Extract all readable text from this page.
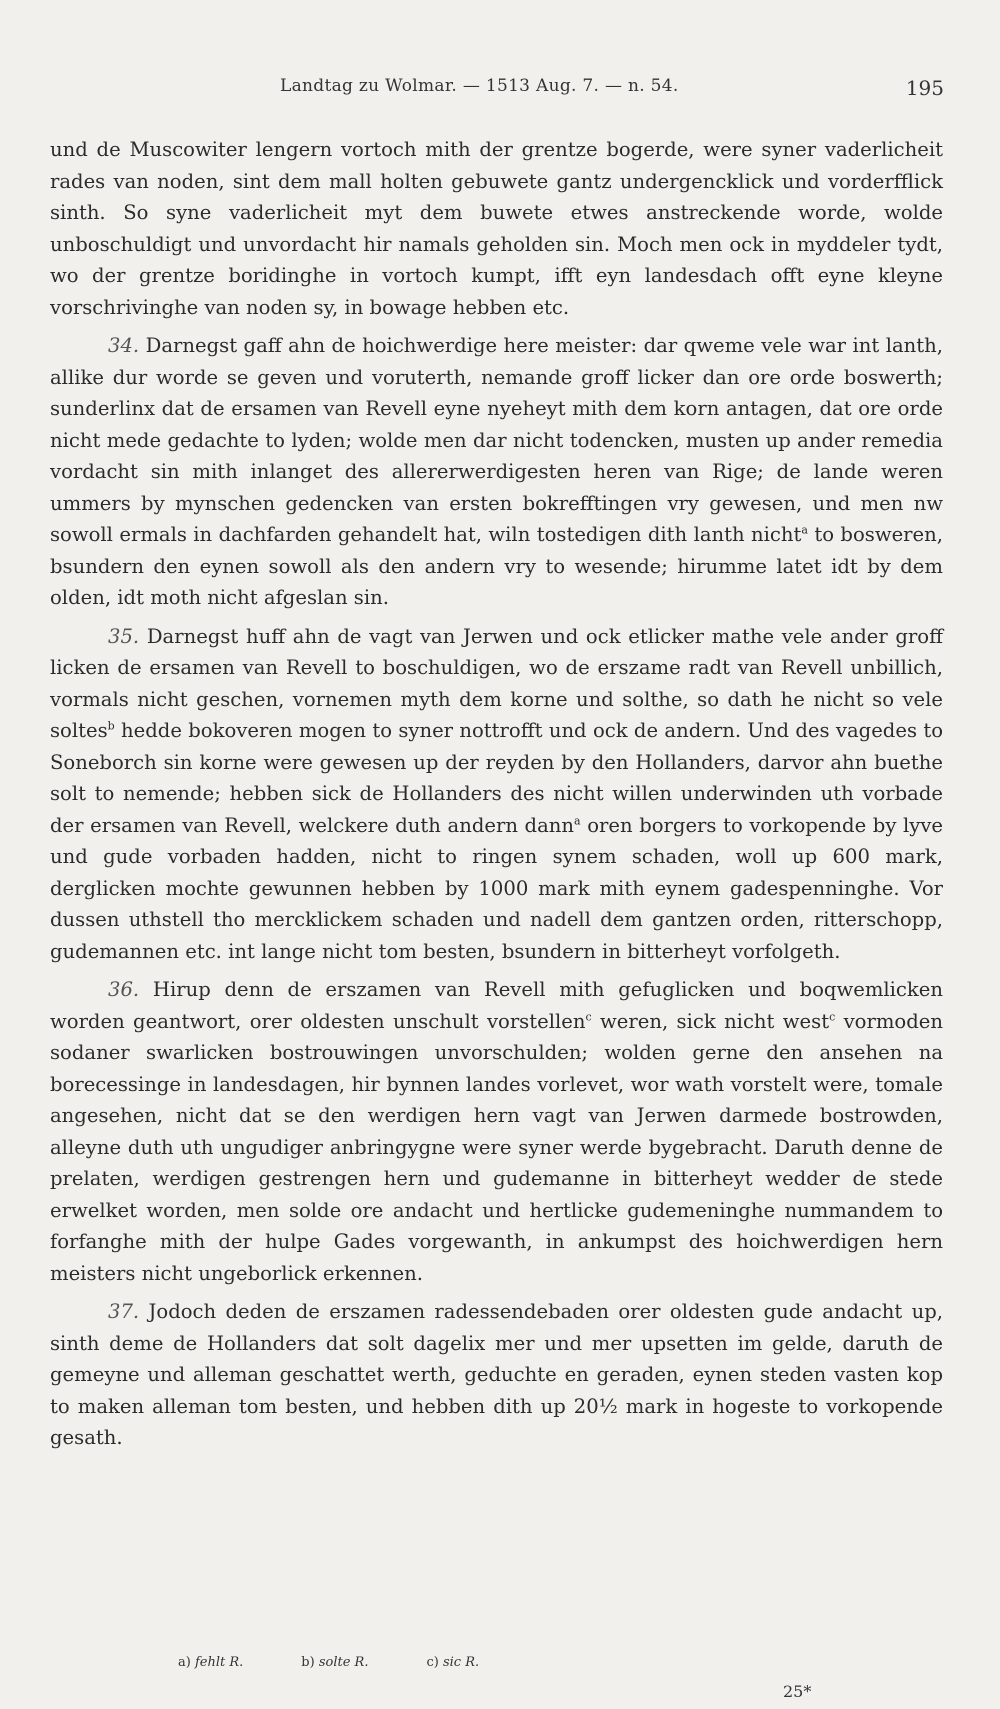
Landtag zu Wolmar. — 1513 Aug. 7. — n. 54.	195

und de Muscowiter lengern vortoch mith der grentze bogerde, were syner vaderlicheit rades van noden, sint dem mall holten gebuwete gantz undergencklick und vorderfflick sinth. So syne vaderlicheit myt dem buwete etwes anstreckende worde, wolde unboschuldigt und unvordacht hir namals geholden sin. Moch men ock in myddeler tydt, wo der grentze boridinghe in vortoch kumpt, ifft eyn landesdach offt eyne kleyne vorschrivinghe van noden sy, in bowage hebben etc.

34. Darnegst gaff ahn de hoichwerdige here meister: dar qweme vele war int lanth, allike dur worde se geven und voruterth, nemande groff licker dan ore orde boswerth; sunderlinx dat de ersamen van Revell eyne nyeheyt mith dem korn antagen, dat ore orde nicht mede gedachte to lyden; wolde men dar nicht todencken, musten up ander remedia vordacht sin mith inlanget des allererwerdigesten heren van Rige; de lande weren ummers by mynschen gedencken van ersten bokrefftingen vry gewesen, und men nw sowoll ermals in dachfarden gehandelt hat, wiln tostedigen dith lanth nicht$^a$ to bosweren, bsundern den eynen sowoll als den andern vry to wesende; hirumme latet idt by dem olden, idt moth nicht afgeslan sin.

35. Darnegst huff ahn de vagt van Jerwen und ock etlicker mathe vele ander groff licken de ersamen van Revell to boschuldigen, wo de erszame radt van Revell unbillich, vormals nicht geschen, vornemen myth dem korne und solthe, so dath he nicht so vele soltes$^b$ hedde bokoveren mogen to syner nottrofft und ock de andern. Und des vagedes to Soneborch sin korne were gewesen up der reyden by den Hollanders, darvor ahn buethe solt to nemende; hebben sick de Hollanders des nicht willen underwinden uth vorbade der ersamen van Revell, welckere duth andern dann$^a$ oren borgers to vorkopende by lyve und gude vorbaden hadden, nicht to ringen synem schaden, woll up 600 mark, derglicken mochte gewunnen hebben by 1000 mark mith eynem gadespenninghe. Vor dussen uthstell tho mercklickem schaden und nadell dem gantzen orden, ritterschopp, gudemannen etc. int lange nicht tom besten, bsundern in bitterheyt vorfolgeth.

36. Hirup denn de erszamen van Revell mith gefuglicken und boqwemlicken worden geantwort, orer oldesten unschult vorstellen$^c$ weren, sick nicht west$^c$ vormoden sodaner swarlicken bostrouwingen unvorschulden; wolden gerne den ansehen na borecessinge in landesdagen, hir bynnen landes vorlevet, wor wath vorstelt were, tomale angesehen, nicht dat se den werdigen hern vagt van Jerwen darmede bostrowden, alleyne duth uth ungudiger anbringygne were syner werde bygebracht. Daruth denne de prelaten, werdigen gestrengen hern und gudemanne in bitterheyt wedder de stede erwelket worden, men solde ore andacht und hertlicke gudemeninghe nummandem to forfanghe mith der hulpe Gades vorgewanth, in ankumpst des hoichwerdigen hern meisters nicht ungeborlick erkennen.

37. Jodoch deden de erszamen radessendebaden orer oldesten gude andacht up, sinth deme de Hollanders dat solt dagelix mer und mer upsetten im gelde, daruth de gemeyne und alleman geschattet werth, geduchte en geraden, eynen steden vasten kop to maken alleman tom besten, und hebben dith up 20½ mark in hogeste to vorkopende gesath.

a) fehlt R.	b) solte R.	c) sic R.
25*
